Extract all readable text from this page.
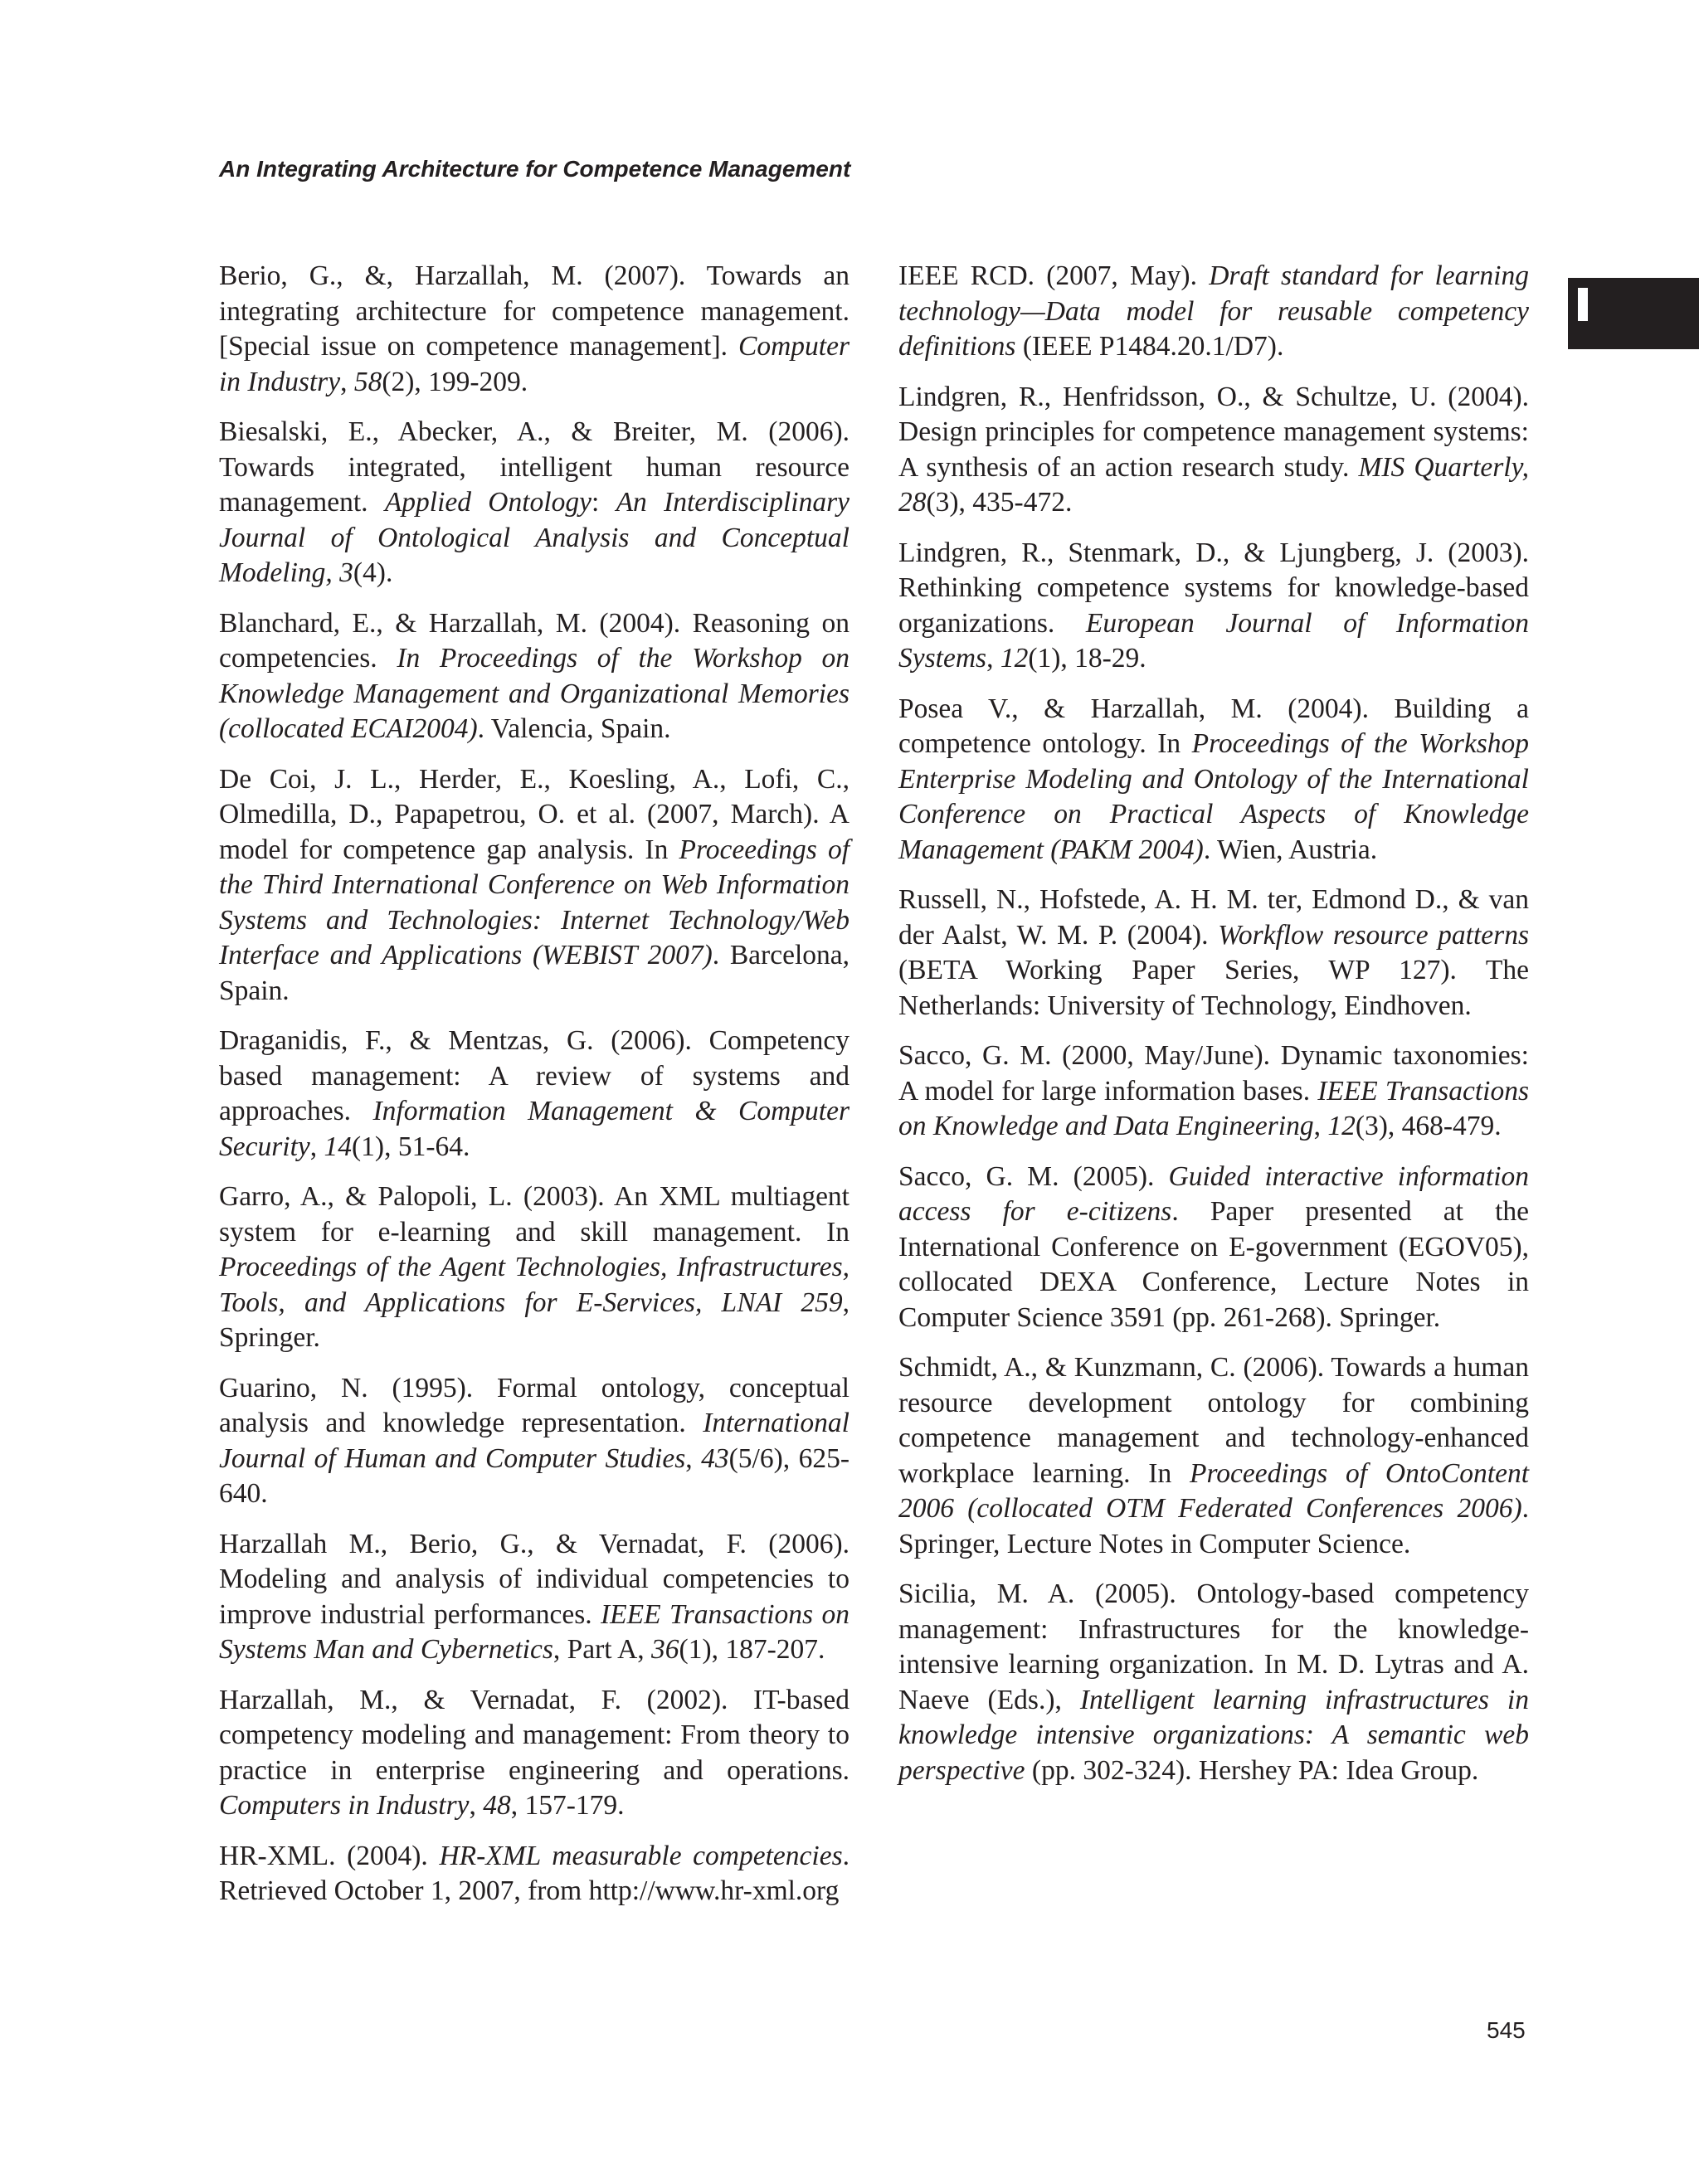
An Integrating Architecture for Competence Management

Berio, G., &, Harzallah, M. (2007). Towards an integrating architecture for competence management. [Special issue on competence management]. Computer in Industry, 58(2), 199-209.

Biesalski, E., Abecker, A., & Breiter, M. (2006). Towards integrated, intelligent human resource management. Applied Ontology: An Interdisciplinary Journal of Ontological Analysis and Conceptual Modeling, 3(4).

Blanchard, E., & Harzallah, M. (2004). Reasoning on competencies. In Proceedings of the Workshop on Knowledge Management and Organizational Memories (collocated ECAI2004). Valencia, Spain.

De Coi, J. L., Herder, E., Koesling, A., Lofi, C., Olmedilla, D., Papapetrou, O. et al. (2007, March). A model for competence gap analysis. In Proceedings of the Third International Conference on Web Information Systems and Technologies: Internet Technology/Web Interface and Applications (WEBIST 2007). Barcelona, Spain.

Draganidis, F., & Mentzas, G. (2006). Competency based management: A review of systems and approaches. Information Management & Computer Security, 14(1), 51-64.

Garro, A., & Palopoli, L. (2003). An XML multiagent system for e-learning and skill management. In Proceedings of the Agent Technologies, Infrastructures, Tools, and Applications for E-Services, LNAI 259, Springer.

Guarino, N. (1995). Formal ontology, conceptual analysis and knowledge representation. International Journal of Human and Computer Studies, 43(5/6), 625-640.

Harzallah M., Berio, G., & Vernadat, F. (2006). Modeling and analysis of individual competencies to improve industrial performances. IEEE Transactions on Systems Man and Cybernetics, Part A, 36(1), 187-207.

Harzallah, M., & Vernadat, F. (2002). IT-based competency modeling and management: From theory to practice in enterprise engineering and operations. Computers in Industry, 48, 157-179.

HR-XML. (2004). HR-XML measurable competencies. Retrieved October 1, 2007, from http://www.hr-xml.org

IEEE RCD. (2007, May). Draft standard for learning technology—Data model for reusable competency definitions (IEEE P1484.20.1/D7).

Lindgren, R., Henfridsson, O., & Schultze, U. (2004). Design principles for competence management systems: A synthesis of an action research study. MIS Quarterly, 28(3), 435-472.

Lindgren, R., Stenmark, D., & Ljungberg, J. (2003). Rethinking competence systems for knowledge-based organizations. European Journal of Information Systems, 12(1), 18-29.

Posea V., & Harzallah, M. (2004). Building a competence ontology. In Proceedings of the Workshop Enterprise Modeling and Ontology of the International Conference on Practical Aspects of Knowledge Management (PAKM 2004). Wien, Austria.

Russell, N., Hofstede, A. H. M. ter, Edmond D., & van der Aalst, W. M. P. (2004). Workflow resource patterns (BETA Working Paper Series, WP 127). The Netherlands: University of Technology, Eindhoven.

Sacco, G. M. (2000, May/June). Dynamic taxonomies: A model for large information bases. IEEE Transactions on Knowledge and Data Engineering, 12(3), 468-479.

Sacco, G. M. (2005). Guided interactive information access for e-citizens. Paper presented at the International Conference on E-government (EGOV05), collocated DEXA Conference, Lecture Notes in Computer Science 3591 (pp. 261-268). Springer.

Schmidt, A., & Kunzmann, C. (2006). Towards a human resource development ontology for combining competence management and technology-enhanced workplace learning. In Proceedings of OntoContent 2006 (collocated OTM Federated Conferences 2006). Springer, Lecture Notes in Computer Science.

Sicilia, M. A. (2005). Ontology-based competency management: Infrastructures for the knowledge-intensive learning organization. In M. D. Lytras and A. Naeve (Eds.), Intelligent learning infrastructures in knowledge intensive organizations: A semantic web perspective (pp. 302-324). Hershey PA: Idea Group.

545
